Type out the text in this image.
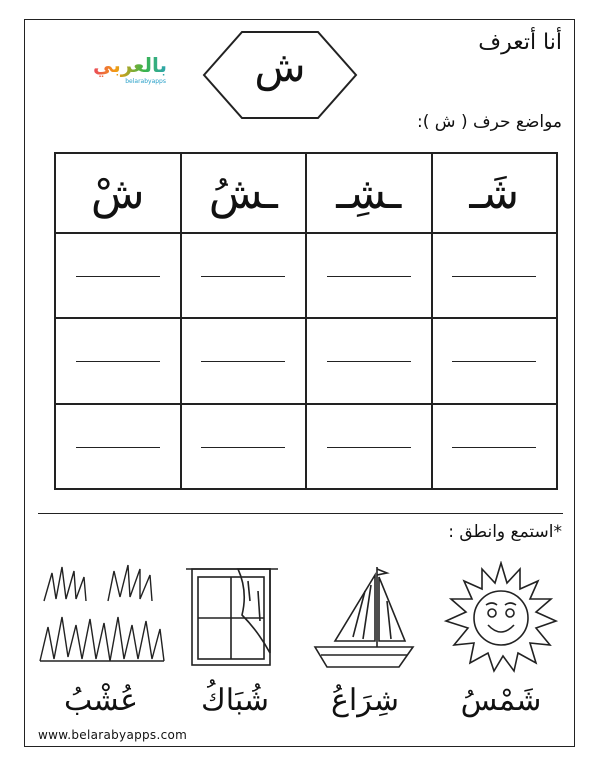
أنا أتعرف
بالعربي
belarabyapps	ش
مواضع حرف ( ش ):
شَـ	ـشِـ	ـشُ	شْ

*استمع وانطق :
شَمْسُ
شِرَاعُ
شُبَاكُ
عُشْبُ
www.belarabyapps.com
